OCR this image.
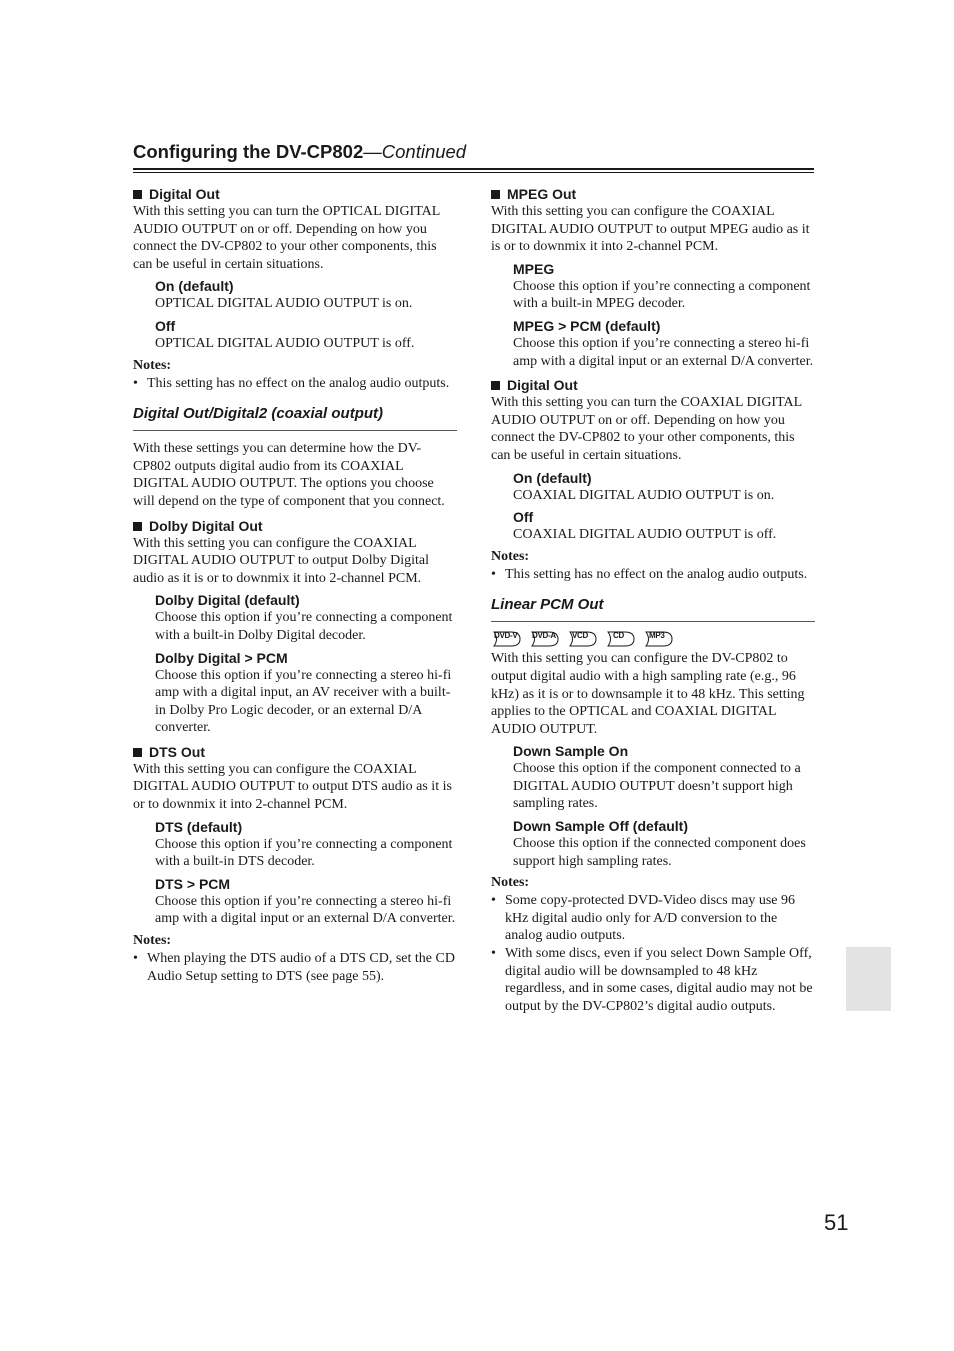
Configuring the DV-CP802—Continued
Digital Out
With this setting you can turn the OPTICAL DIGITAL AUDIO OUTPUT on or off. Depending on how you connect the DV-CP802 to your other components, this can be useful in certain situations.
On (default)
OPTICAL DIGITAL AUDIO OUTPUT is on.
Off
OPTICAL DIGITAL AUDIO OUTPUT is off.
Notes:
• This setting has no effect on the analog audio outputs.
Digital Out/Digital2 (coaxial output)
With these settings you can determine how the DV-CP802 outputs digital audio from its COAXIAL DIGITAL AUDIO OUTPUT. The options you choose will depend on the type of component that you connect.
Dolby Digital Out
With this setting you can configure the COAXIAL DIGITAL AUDIO OUTPUT to output Dolby Digital audio as it is or to downmix it into 2-channel PCM.
Dolby Digital (default)
Choose this option if you’re connecting a component with a built-in Dolby Digital decoder.
Dolby Digital > PCM
Choose this option if you’re connecting a stereo hi-fi amp with a digital input, an AV receiver with a built-in Dolby Pro Logic decoder, or an external D/A converter.
DTS Out
With this setting you can configure the COAXIAL DIGITAL AUDIO OUTPUT to output DTS audio as it is or to downmix it into 2-channel PCM.
DTS (default)
Choose this option if you’re connecting a component with a built-in DTS decoder.
DTS > PCM
Choose this option if you’re connecting a stereo hi-fi amp with a digital input or an external D/A converter.
Notes:
• When playing the DTS audio of a DTS CD, set the CD Audio Setup setting to DTS (see page 55).
MPEG Out
With this setting you can configure the COAXIAL DIGITAL AUDIO OUTPUT to output MPEG audio as it is or to downmix it into 2-channel PCM.
MPEG
Choose this option if you’re connecting a component with a built-in MPEG decoder.
MPEG > PCM (default)
Choose this option if you’re connecting a stereo hi-fi amp with a digital input or an external D/A converter.
Digital Out
With this setting you can turn the COAXIAL DIGITAL AUDIO OUTPUT on or off. Depending on how you connect the DV-CP802 to your other components, this can be useful in certain situations.
On (default)
COAXIAL DIGITAL AUDIO OUTPUT is on.
Off
COAXIAL DIGITAL AUDIO OUTPUT is off.
Notes:
• This setting has no effect on the analog audio outputs.
Linear PCM Out
DVD-V DVD-A VCD	CD	MP3
With this setting you can configure the DV-CP802 to output digital audio with a high sampling rate (e.g., 96 kHz) as it is or to downsample it to 48 kHz. This setting applies to the OPTICAL and COAXIAL DIGITAL AUDIO OUTPUT.
Down Sample On
Choose this option if the component connected to a DIGITAL AUDIO OUTPUT doesn’t support high sampling rates.
Down Sample Off (default)
Choose this option if the connected component does support high sampling rates.
Notes:
• Some copy-protected DVD-Video discs may use 96 kHz digital audio only for A/D conversion to the analog audio outputs.
• With some discs, even if you select Down Sample Off, digital audio will be downsampled to 48 kHz regardless, and in some cases, digital audio may not be output by the DV-CP802’s digital audio outputs.
51
